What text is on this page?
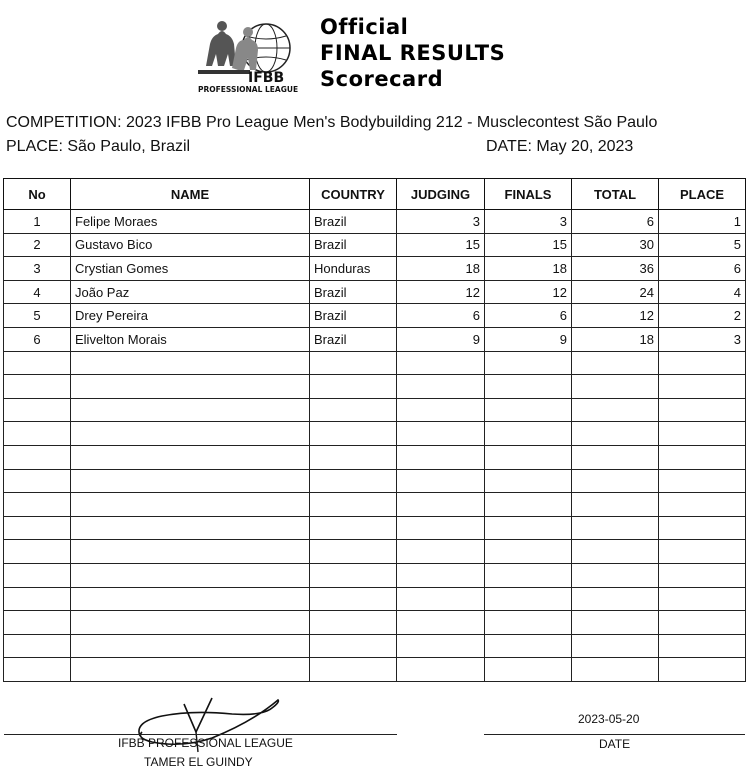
IFBB
PROFESSIONAL LEAGUE
Official
FINAL RESULTS
Scorecard
COMPETITION: 2023 IFBB Pro League Men's Bodybuilding 212 - Musclecontest São Paulo
PLACE: São Paulo, Brazil	DATE: May 20, 2023
No	NAME	COUNTRY	JUDGING	FINALS	TOTAL	PLACE
1	Felipe Moraes	Brazil	3	3	6	1
2	Gustavo Bico	Brazil	15	15	30	5
3	Crystian Gomes	Honduras	18	18	36	6
4	João Paz	Brazil	12	12	24	4
5	Drey Pereira	Brazil	6	6	12	2
6	Elivelton Morais	Brazil	9	9	18	3

IFBB PROFESSIONAL LEAGUE
TAMER EL GUINDY
2023-05-20
DATE
